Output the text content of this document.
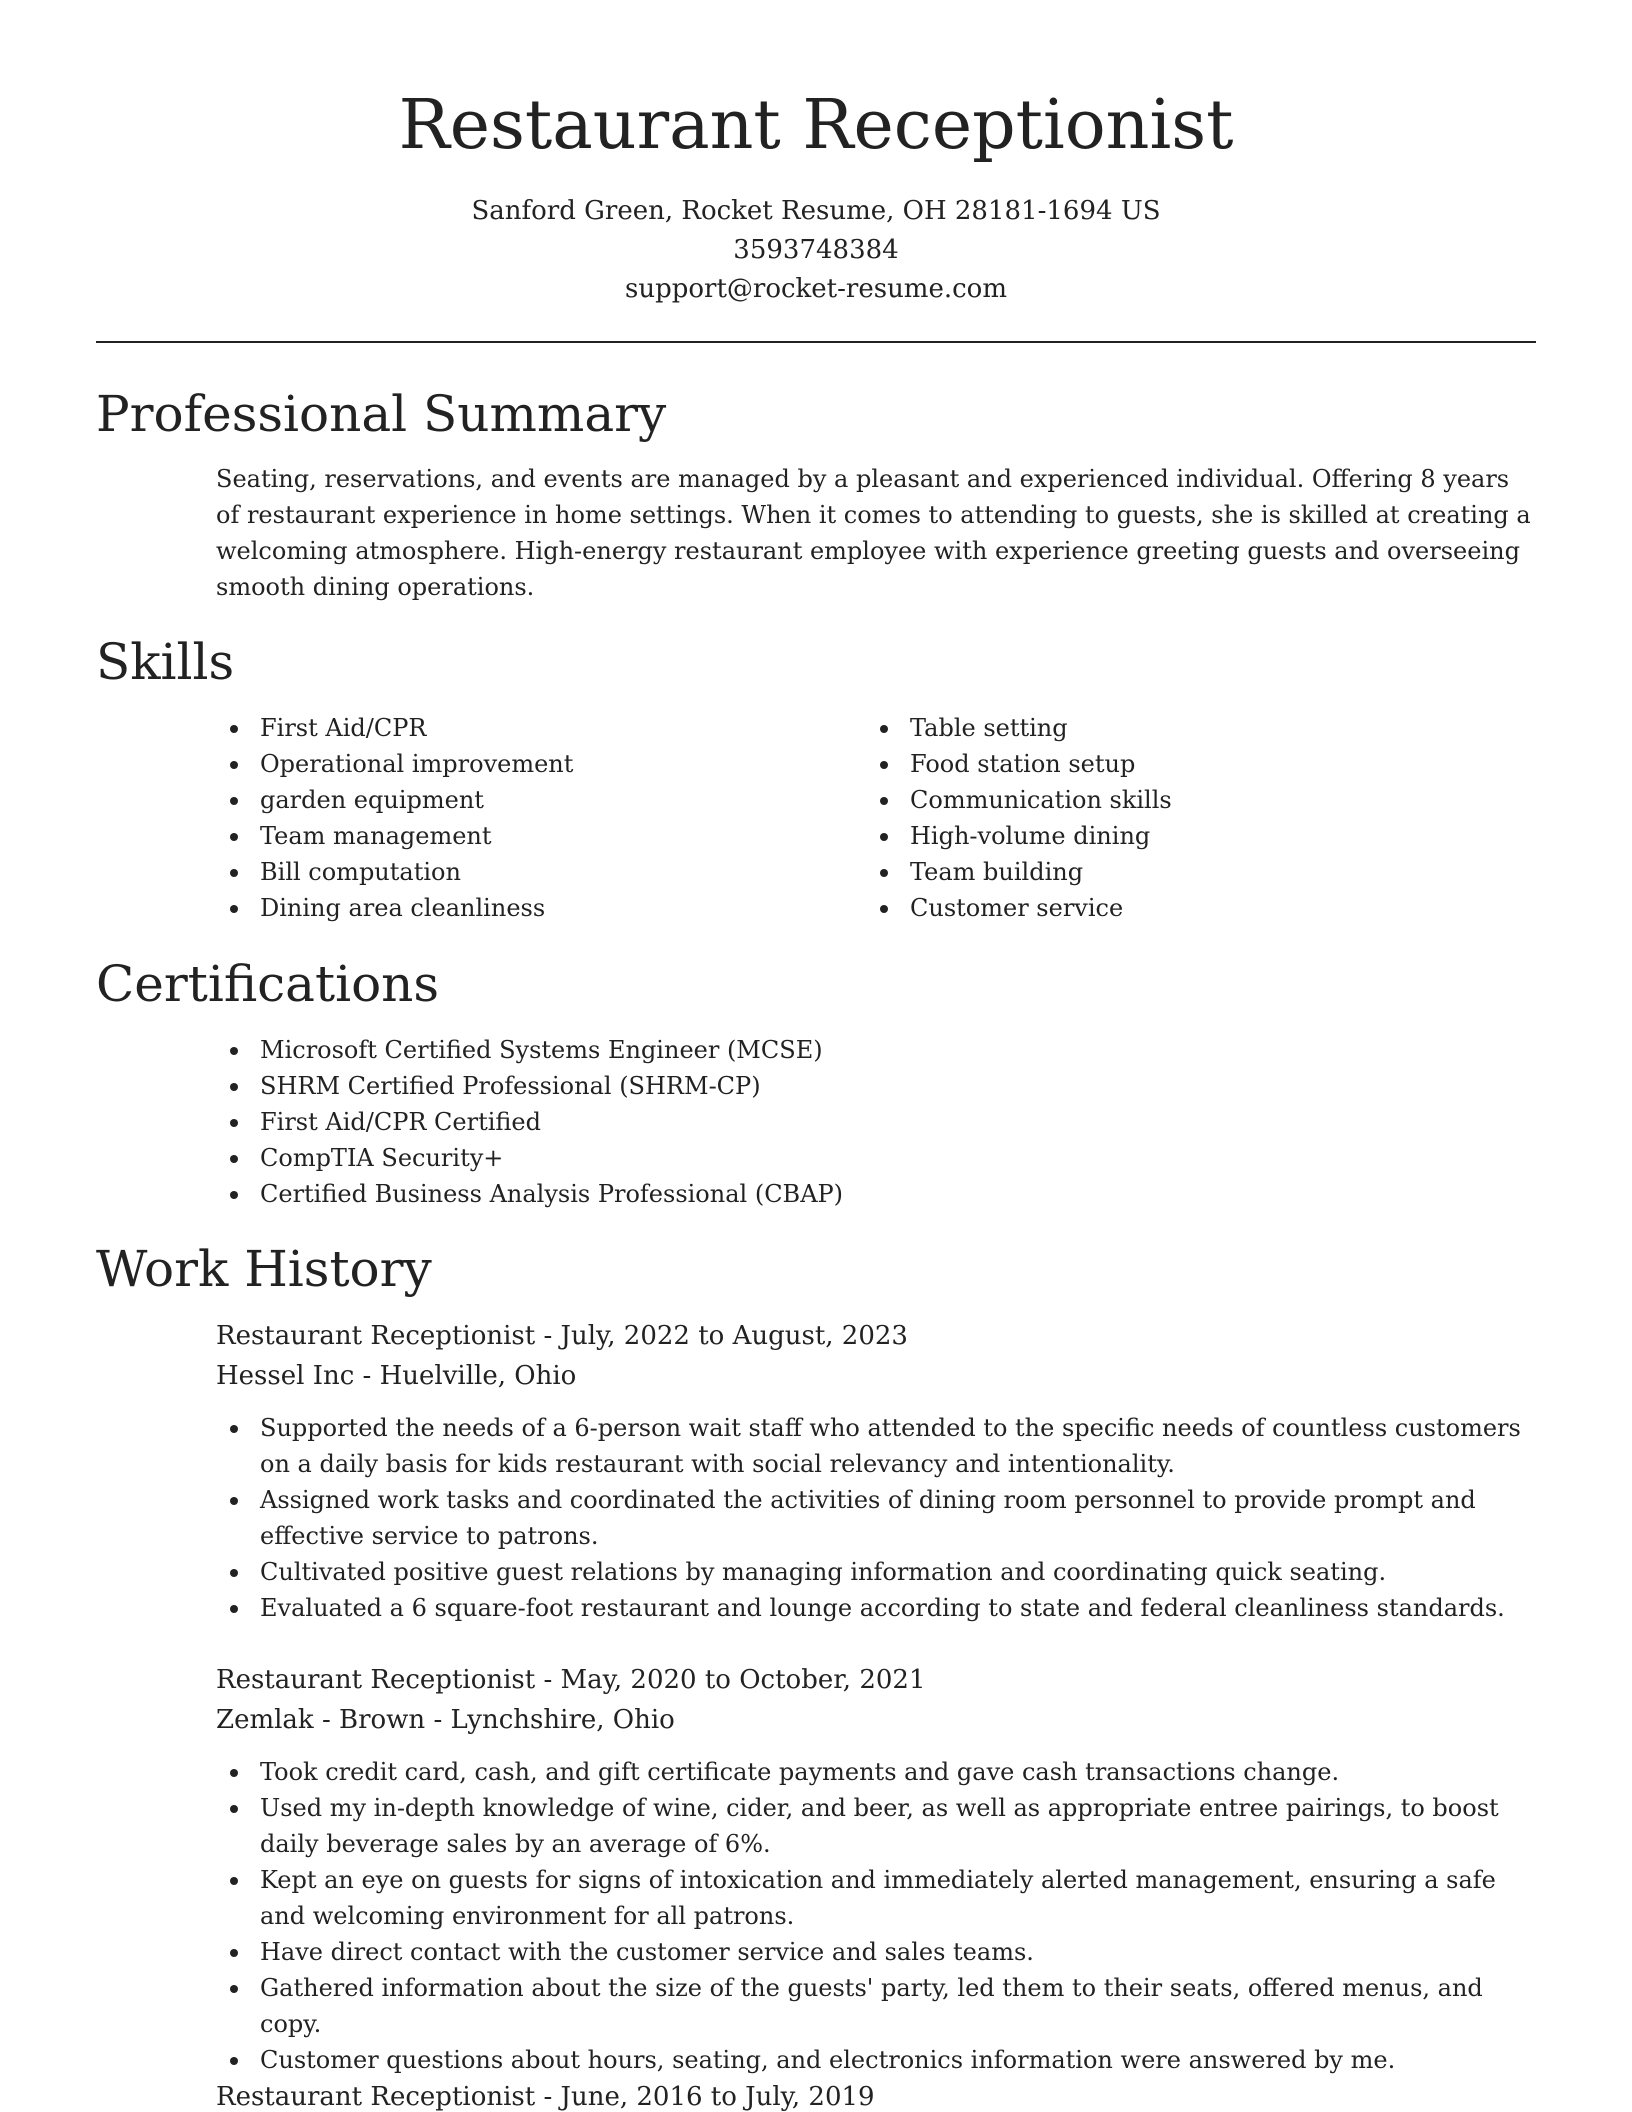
Restaurant Receptionist
Sanford Green, Rocket Resume, OH 28181-1694 US
3593748384
support@rocket-resume.com
Professional Summary

Seating, reservations, and events are managed by a pleasant and experienced individual. Offering 8 years of restaurant experience in home settings. When it comes to attending to guests, she is skilled at creating a welcoming atmosphere. High-energy restaurant employee with experience greeting guests and overseeing smooth dining operations.

Skills
First Aid/CPR
Operational improvement
garden equipment
Team management
Bill computation
Dining area cleanliness
Table setting
Food station setup
Communication skills
High-volume dining
Team building
Customer service
Certifications
Microsoft Certified Systems Engineer (MCSE)
SHRM Certified Professional (SHRM-CP)
First Aid/CPR Certified
CompTIA Security+
Certified Business Analysis Professional (CBAP)
Work History
Restaurant Receptionist - July, 2022 to August, 2023
Hessel Inc - Huelville, Ohio
Supported the needs of a 6-person wait staff who attended to the specific needs of countless customers on a daily basis for kids restaurant with social relevancy and intentionality.
Assigned work tasks and coordinated the activities of dining room personnel to provide prompt and effective service to patrons.
Cultivated positive guest relations by managing information and coordinating quick seating.
Evaluated a 6 square-foot restaurant and lounge according to state and federal cleanliness standards.
Restaurant Receptionist - May, 2020 to October, 2021
Zemlak - Brown - Lynchshire, Ohio
Took credit card, cash, and gift certificate payments and gave cash transactions change.
Used my in-depth knowledge of wine, cider, and beer, as well as appropriate entree pairings, to boost daily beverage sales by an average of 6%.
Kept an eye on guests for signs of intoxication and immediately alerted management, ensuring a safe and welcoming environment for all patrons.
Have direct contact with the customer service and sales teams.
Gathered information about the size of the guests' party, led them to their seats, offered menus, and copy.
Customer questions about hours, seating, and electronics information were answered by me.
Restaurant Receptionist - June, 2016 to July, 2019
